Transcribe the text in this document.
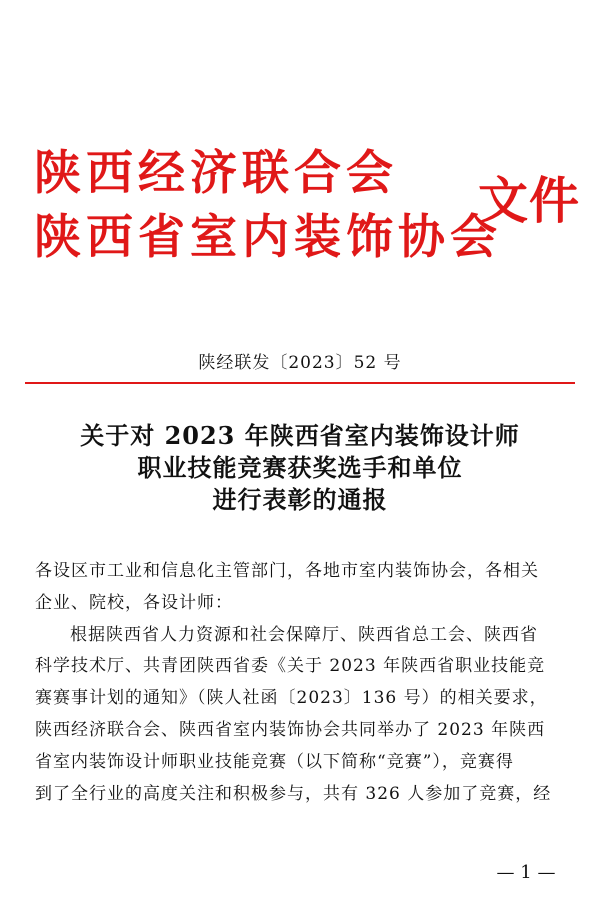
陕西经济联合会
陕西省室内装饰协会
文件
陕经联发〔2023〕52 号
关于对 2023 年陕西省室内装饰设计师
职业技能竞赛获奖选手和单位
进行表彰的通报
各设区市工业和信息化主管部门，各地市室内装饰协会，各相关
企业、院校，各设计师：
根据陕西省人力资源和社会保障厅、陕西省总工会、陕西省
科学技术厅、共青团陕西省委《关于 2023 年陕西省职业技能竞
赛赛事计划的通知》（陕人社函〔2023〕136 号）的相关要求，
陕西经济联合会、陕西省室内装饰协会共同举办了 2023 年陕西
省室内装饰设计师职业技能竞赛（以下简称“竞赛”），竞赛得
到了全行业的高度关注和积极参与，共有 326 人参加了竞赛，经
— 1 —
